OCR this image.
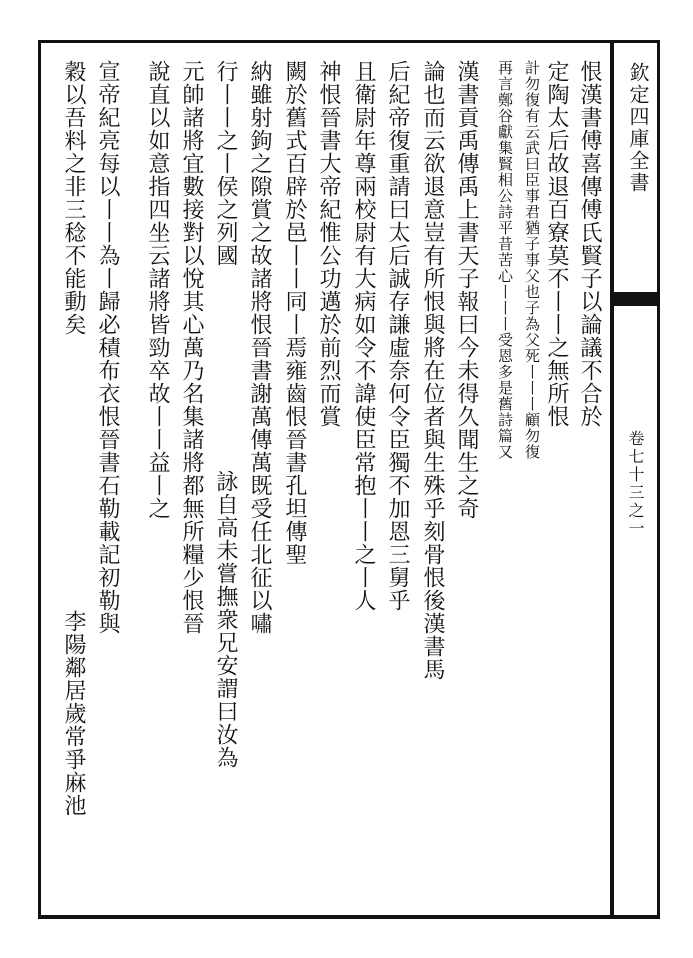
欽定四庫全書
卷七十三之一
恨漢書傅喜傳傅氏賢子以論議不合於
定陶太后故退百寮莫不丨丨之無所恨
計勿復有云武曰臣事君猶子事父也子為父死丨丨丨顧勿復
再言鄭谷獻集賢相公詩平昔苦心丨丨丨受恩多是舊詩篇又
漢書貢禹傳禹上書天子報曰今未得久聞生之奇
論也而云欲退意豈有所恨與將在位者與生殊乎刻骨恨後漢書馬
后紀帝復重請曰太后誠存謙虛奈何令臣獨不加恩三舅乎
且衛尉年尊兩校尉有大病如令不諱使臣常抱丨丨之丨人
神恨晉書大帝紀惟公功邁於前烈而賞
闕於舊式百辟於邑丨丨同丨焉雍齒恨晉書孔坦傳聖
納雖射鉤之隙賞之故諸將恨晉書謝萬傳萬既受任北征以嘯
行丨丨之丨侯之列國
詠自高未嘗撫衆兄安謂曰汝為
元帥諸將宜數接對以悅其心萬乃名集諸將都無所糧少恨晉
說直以如意指四坐云諸將皆勁卒故丨丨益丨之
宣帝紀亮每以丨丨為丨歸必積布衣恨晉書石勒載記初勒與
穀以吾料之非三稔不能動矣
李陽鄰居歲常爭麻池
